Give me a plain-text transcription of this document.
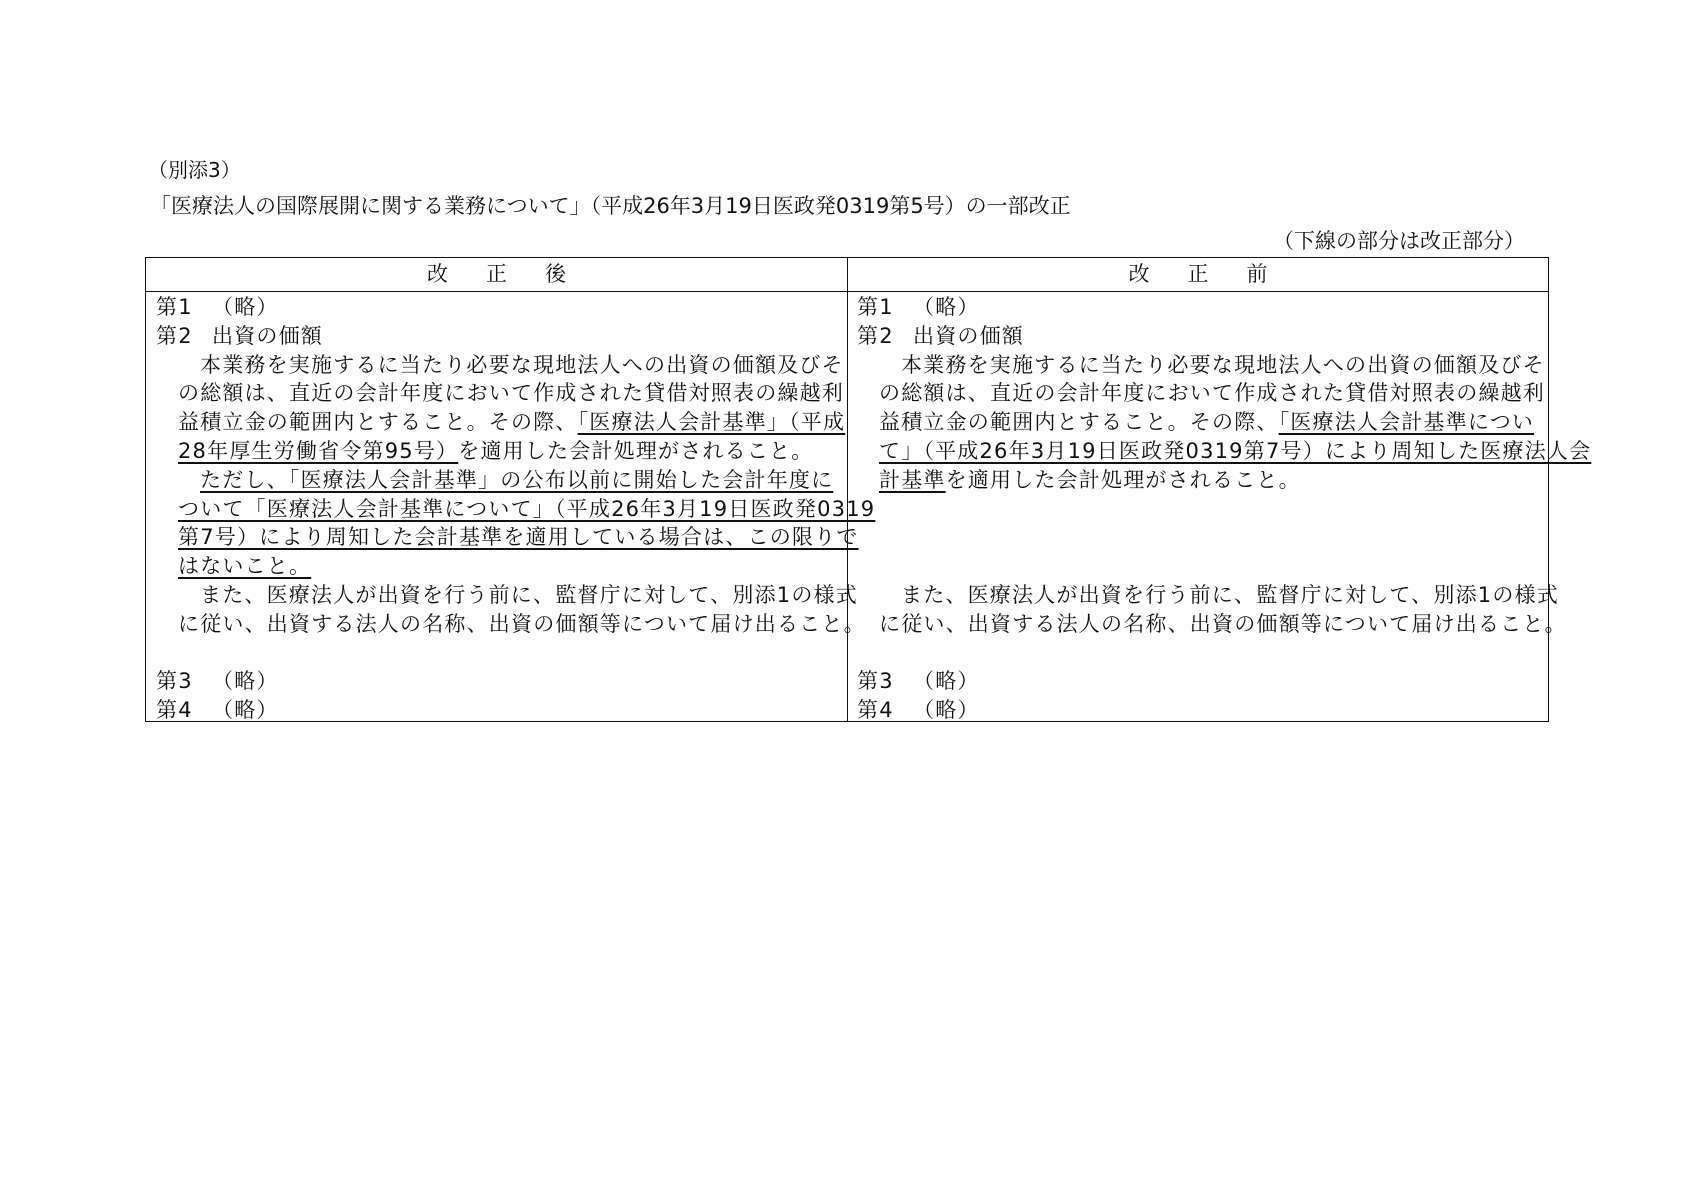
（別添3）
「医療法人の国際展開に関する業務について」（平成26年3月19日医政発0319第5号）の一部改正
（下線の部分は改正部分）
改正後	改正前
第1 （略）
第2 出資の価額
本業務を実施するに当たり必要な現地法人への出資の価額及びそ
の総額は、直近の会計年度において作成された貸借対照表の繰越利
益積立金の範囲内とすること。その際、「医療法人会計基準」（平成
28年厚生労働省令第95号）を適用した会計処理がされること。
ただし、「医療法人会計基準」の公布以前に開始した会計年度に
ついて「医療法人会計基準について」（平成26年3月19日医政発0319
第7号）により周知した会計基準を適用している場合は、この限りで
はないこと。
また、医療法人が出資を行う前に、監督庁に対して、別添1の様式
に従い、出資する法人の名称、出資の価額等について届け出ること。
第3 （略）
第4 （略）
第1 （略）
第2 出資の価額
本業務を実施するに当たり必要な現地法人への出資の価額及びそ
の総額は、直近の会計年度において作成された貸借対照表の繰越利
益積立金の範囲内とすること。その際、「医療法人会計基準につい
て」（平成26年3月19日医政発0319第7号）により周知した医療法人会
計基準を適用した会計処理がされること。
また、医療法人が出資を行う前に、監督庁に対して、別添1の様式
に従い、出資する法人の名称、出資の価額等について届け出ること。
第3 （略）
第4 （略）
